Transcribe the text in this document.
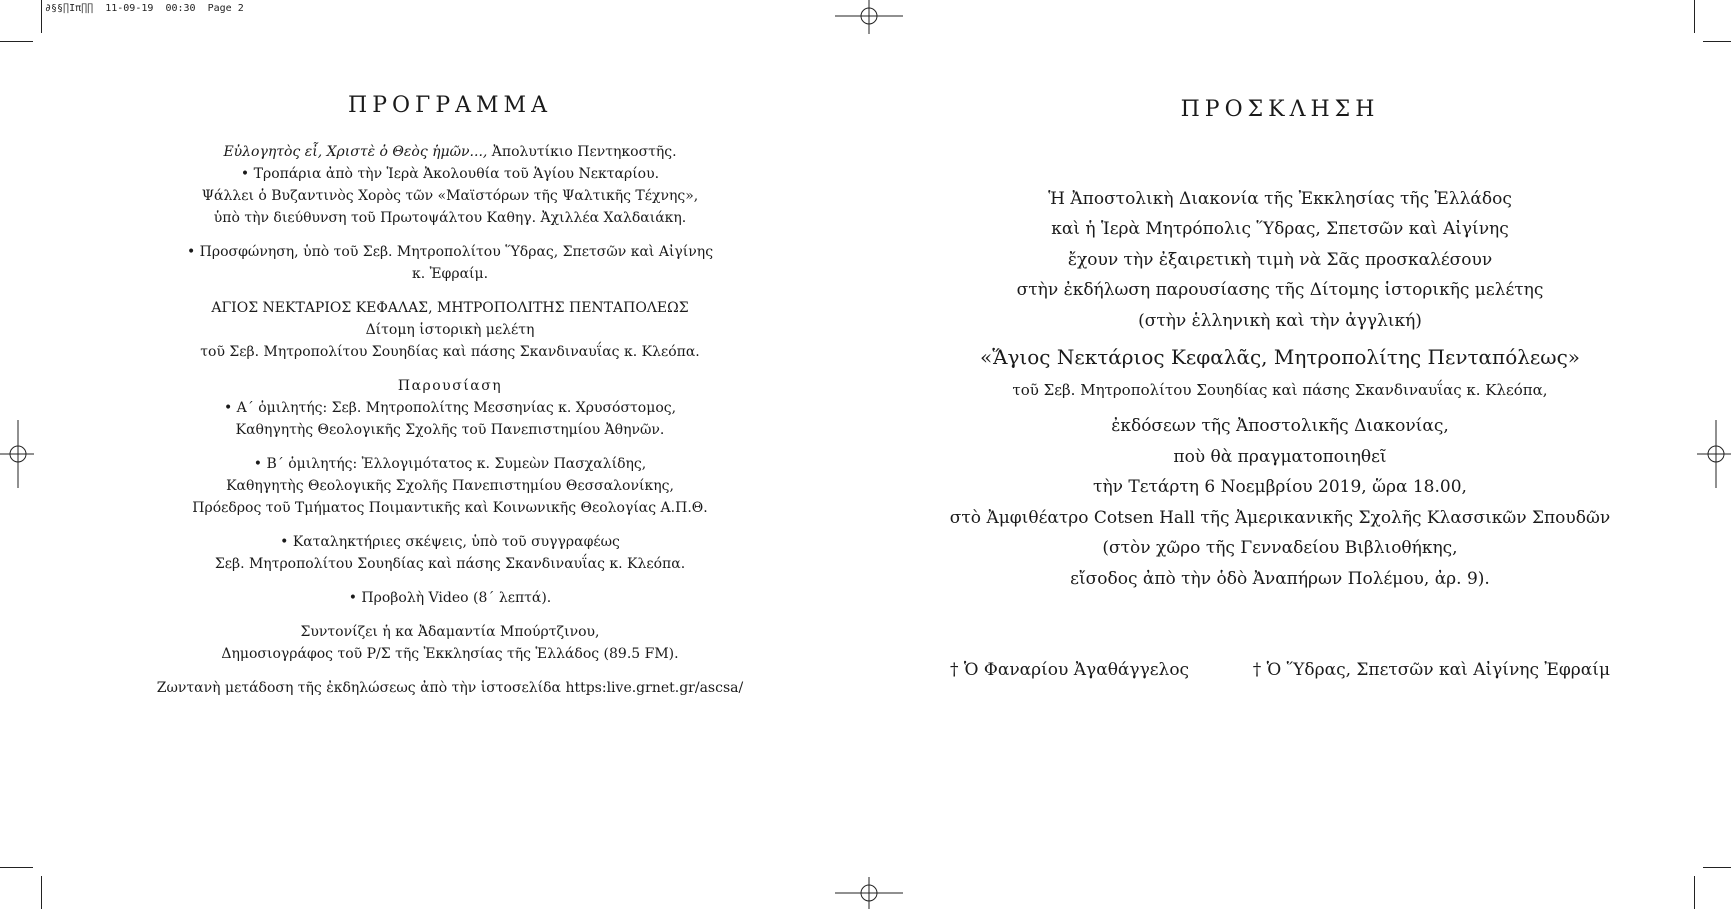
∂§§∏Ιπ∏∏ 11-09-19 00:30 Page 2
ΠΡΟΓΡΑΜΜΑ

Εὐλογητὸς εἶ, Χριστὲ ὁ Θεὸς ἡμῶν..., Ἀπολυτίκιο Πεντηκοστῆς.

• Τροπάρια ἀπὸ τὴν Ἱερὰ Ἀκολουθία τοῦ Ἁγίου Νεκταρίου.

Ψάλλει ὁ Βυζαντινὸς Χορὸς τῶν «Μαϊστόρων τῆς Ψαλτικῆς Τέχνης»,

ὑπὸ τὴν διεύθυνση τοῦ Πρωτοψάλτου Καθηγ. Ἀχιλλέα Χαλδαιάκη.

• Προσφώνηση, ὑπὸ τοῦ Σεβ. Μητροπολίτου Ὕδρας, Σπετσῶν καὶ Αἰγίνης

κ. Ἐφραίμ.

ΑΓΙΟΣ ΝΕΚΤΑΡΙΟΣ ΚΕΦΑΛΑΣ, ΜΗΤΡΟΠΟΛΙΤΗΣ ΠΕΝΤΑΠΟΛΕΩΣ

Δίτομη ἱστορικὴ μελέτη

τοῦ Σεβ. Μητροπολίτου Σουηδίας καὶ πάσης Σκανδιναυΐας κ. Κλεόπα.

Παρουσίαση

• Α΄ ὁμιλητής: Σεβ. Μητροπολίτης Μεσσηνίας κ. Χρυσόστομος,

Καθηγητὴς Θεολογικῆς Σχολῆς τοῦ Πανεπιστημίου Ἀθηνῶν.

• Β΄ ὁμιλητής: Ἐλλογιμότατος κ. Συμεὼν Πασχαλίδης,

Καθηγητὴς Θεολογικῆς Σχολῆς Πανεπιστημίου Θεσσαλονίκης,

Πρόεδρος τοῦ Τμήματος Ποιμαντικῆς καὶ Κοινωνικῆς Θεολογίας Α.Π.Θ.

• Καταληκτήριες σκέψεις, ὑπὸ τοῦ συγγραφέως

Σεβ. Μητροπολίτου Σουηδίας καὶ πάσης Σκανδιναυΐας κ. Κλεόπα.

• Προβολὴ Video (8΄ λεπτά).

Συντονίζει ἡ κα Ἀδαμαντία Μπούρτζινου,

Δημοσιογράφος τοῦ Ρ/Σ τῆς Ἐκκλησίας τῆς Ἑλλάδος (89.5 FM).

Ζωντανὴ μετάδοση τῆς ἐκδηλώσεως ἀπὸ τὴν ἱστοσελίδα https:live.grnet.gr/ascsa/

ΠΡΟΣΚΛΗΣΗ

Ἡ Ἀποστολικὴ Διακονία τῆς Ἐκκλησίας τῆς Ἑλλάδος

καὶ ἡ Ἱερὰ Μητρόπολις Ὕδρας, Σπετσῶν καὶ Αἰγίνης

ἔχουν τὴν ἐξαιρετικὴ τιμὴ νὰ Σᾶς προσκαλέσουν

στὴν ἐκδήλωση παρουσίασης τῆς Δίτομης ἱστορικῆς μελέτης

(στὴν ἑλληνικὴ καὶ τὴν ἀγγλική)

«Ἅγιος Νεκτάριος Κεφαλᾶς, Μητροπολίτης Πενταπόλεως»

τοῦ Σεβ. Μητροπολίτου Σουηδίας καὶ πάσης Σκανδιναυΐας κ. Κλεόπα,

ἐκδόσεων τῆς Ἀποστολικῆς Διακονίας,

ποὺ θὰ πραγματοποιηθεῖ

τὴν Τετάρτη 6 Νοεμβρίου 2019, ὥρα 18.00,

στὸ Ἀμφιθέατρο Cotsen Hall τῆς Ἀμερικανικῆς Σχολῆς Κλασσικῶν Σπουδῶν

(στὸν χῶρο τῆς Γενναδείου Βιβλιοθήκης,

εἴσοδος ἀπὸ τὴν ὁδὸ Ἀναπήρων Πολέμου, ἀρ. 9).

† Ὁ Φαναρίου Ἀγαθάγγελος	† Ὁ Ὕδρας, Σπετσῶν καὶ Αἰγίνης Ἐφραίμ
